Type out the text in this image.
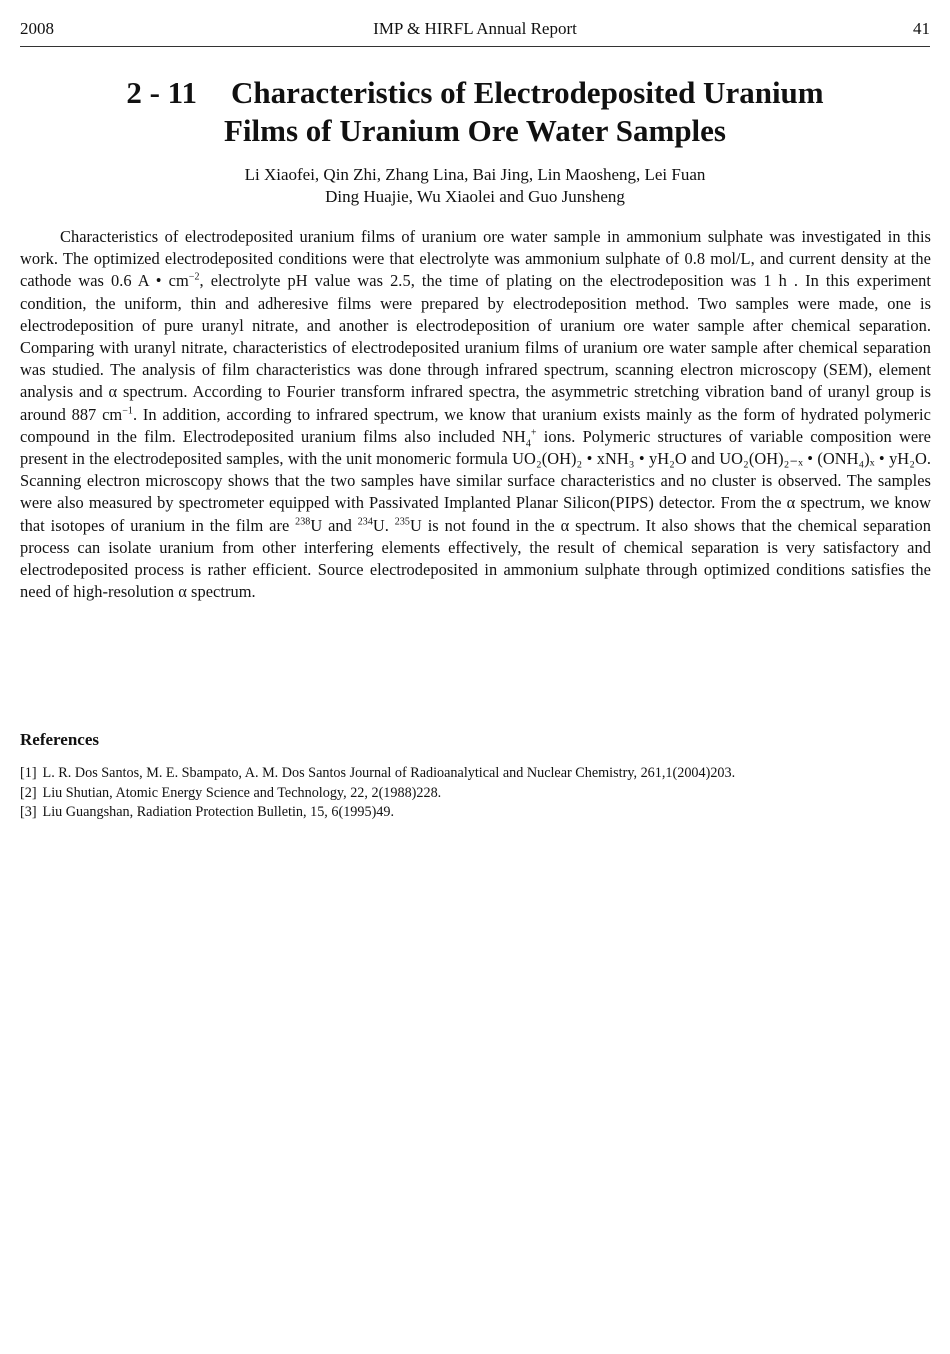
2008	IMP & HIRFL Annual Report	41
2 - 11 Characteristics of Electrodeposited Uranium
Films of Uranium Ore Water Samples
Li Xiaofei, Qin Zhi, Zhang Lina, Bai Jing, Lin Maosheng, Lei Fuan
Ding Huajie, Wu Xiaolei and Guo Junsheng

Characteristics of electrodeposited uranium films of uranium ore water sample in ammonium sulphate was investigated in this work. The optimized electrodeposited conditions were that electrolyte was ammonium sulphate of 0.8 mol/L, and current density at the cathode was 0.6 A • $cm^{-2}$, electrolyte pH value was 2.5, the time of plating on the electrodeposition was 1 h . In this experiment condition, the uniform, thin and adheresive films were prepared by electrodeposition method. Two samples were made, one is electrodeposition of pure uranyl nitrate, and another is electrodeposition of uranium ore water sample after chemical separation. Comparing with uranyl nitrate, characteristics of electrodeposited uranium films of uranium ore water sample after chemical separation was studied. The analysis of film characteristics was done through infrared spectrum, scanning electron microscopy (SEM), element analysis and α spectrum. According to Fourier transform infrared spectra, the asymmetric stretching vibration band of uranyl group is around 887 $cm^{-1}$. In addition, according to infrared spectrum, we know that uranium exists mainly as the form of hydrated polymeric compound in the film. Electrodeposited uranium films also included $NH_4^+$ ions. Polymeric structures of variable composition were present in the electrodeposited samples, with the unit monomeric formula UO₂(OH)₂ • xNH₃ • yH₂O and UO₂(OH)₂₋ₓ • (ONH₄)ₓ • yH₂O. Scanning electron microscopy shows that the two samples have similar surface characteristics and no cluster is observed. The samples were also measured by spectrometer equipped with Passivated Implanted Planar Silicon(PIPS) detector. From the α spectrum, we know that isotopes of uranium in the film are $^{238}$U and $^{234}$U. $^{235}$U is not found in the α spectrum. It also shows that the chemical separation process can isolate uranium from other interfering elements effectively, the result of chemical separation is very satisfactory and electrodeposited process is rather efficient. Source electrodeposited in ammonium sulphate through optimized conditions satisfies the need of high-resolution α spectrum.

References
[1] L. R. Dos Santos, M. E. Sbampato, A. M. Dos Santos Journal of Radioanalytical and Nuclear Chemistry, 261,1(2004)203.
[2] Liu Shutian, Atomic Energy Science and Technology, 22, 2(1988)228.
[3] Liu Guangshan, Radiation Protection Bulletin, 15, 6(1995)49.
